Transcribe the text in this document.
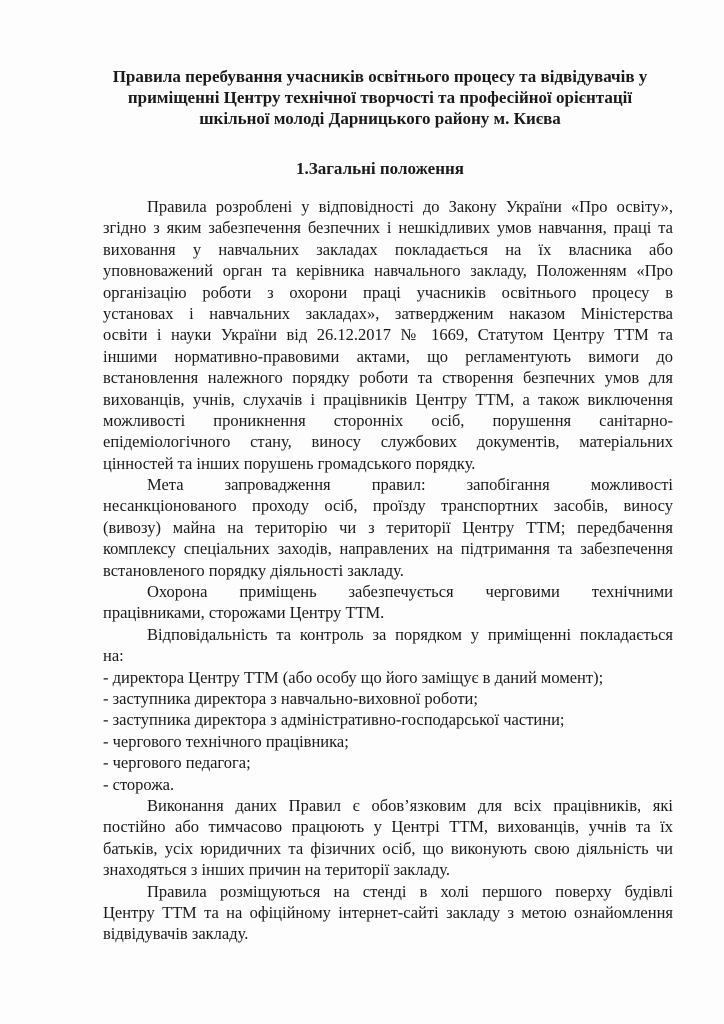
Правила перебування учасників освітнього процесу та відвідувачів у
приміщенні Центру технічної творчості та професійної орієнтації
шкільної молоді Дарницького району м. Києва
1.Загальні положення
Правила розроблені у відповідності до Закону України «Про освіту»,
згідно з яким забезпечення безпечних і нешкідливих умов навчання, праці та
виховання у навчальних закладах покладається на їх власника або
уповноважений орган та керівника навчального закладу, Положенням «Про
організацію роботи з охорони праці учасників освітнього процесу в
установах і навчальних закладах», затвердженим наказом Міністерства
освіти і науки України від 26.12.2017 № 1669, Статутом Центру ТТМ та
іншими нормативно-правовими актами, що регламентують вимоги до
встановлення належного порядку роботи та створення безпечних умов для
вихованців, учнів, слухачів і працівників Центру ТТМ, а також виключення
можливості проникнення сторонніх осіб, порушення санітарно-
епідеміологічного стану, виносу службових документів, матеріальних
цінностей та інших порушень громадського порядку.
Мета запровадження правил: запобігання можливості
несанкціонованого проходу осіб, проїзду транспортних засобів, виносу
(вивозу) майна на територію чи з території Центру ТТМ; передбачення
комплексу спеціальних заходів, направлених на підтримання та забезпечення
встановленого порядку діяльності закладу.
Охорона приміщень забезпечується черговими технічними
працівниками, сторожами Центру ТТМ.
Відповідальність та контроль за порядком у приміщенні покладається
на:
- директора Центру ТТМ (або особу що його заміщує в даний момент);
- заступника директора з навчально-виховної роботи;
- заступника директора з адміністративно-господарської частини;
- чергового технічного працівника;
- чергового педагога;
- сторожа.
Виконання даних Правил є обов’язковим для всіх працівників, які
постійно або тимчасово працюють у Центрі ТТМ, вихованців, учнів та їх
батьків, усіх юридичних та фізичних осіб, що виконують свою діяльність чи
знаходяться з інших причин на території закладу.
Правила розміщуються на стенді в холі першого поверху будівлі
Центру ТТМ та на офіційному інтернет-сайті закладу з метою ознайомлення
відвідувачів закладу.
